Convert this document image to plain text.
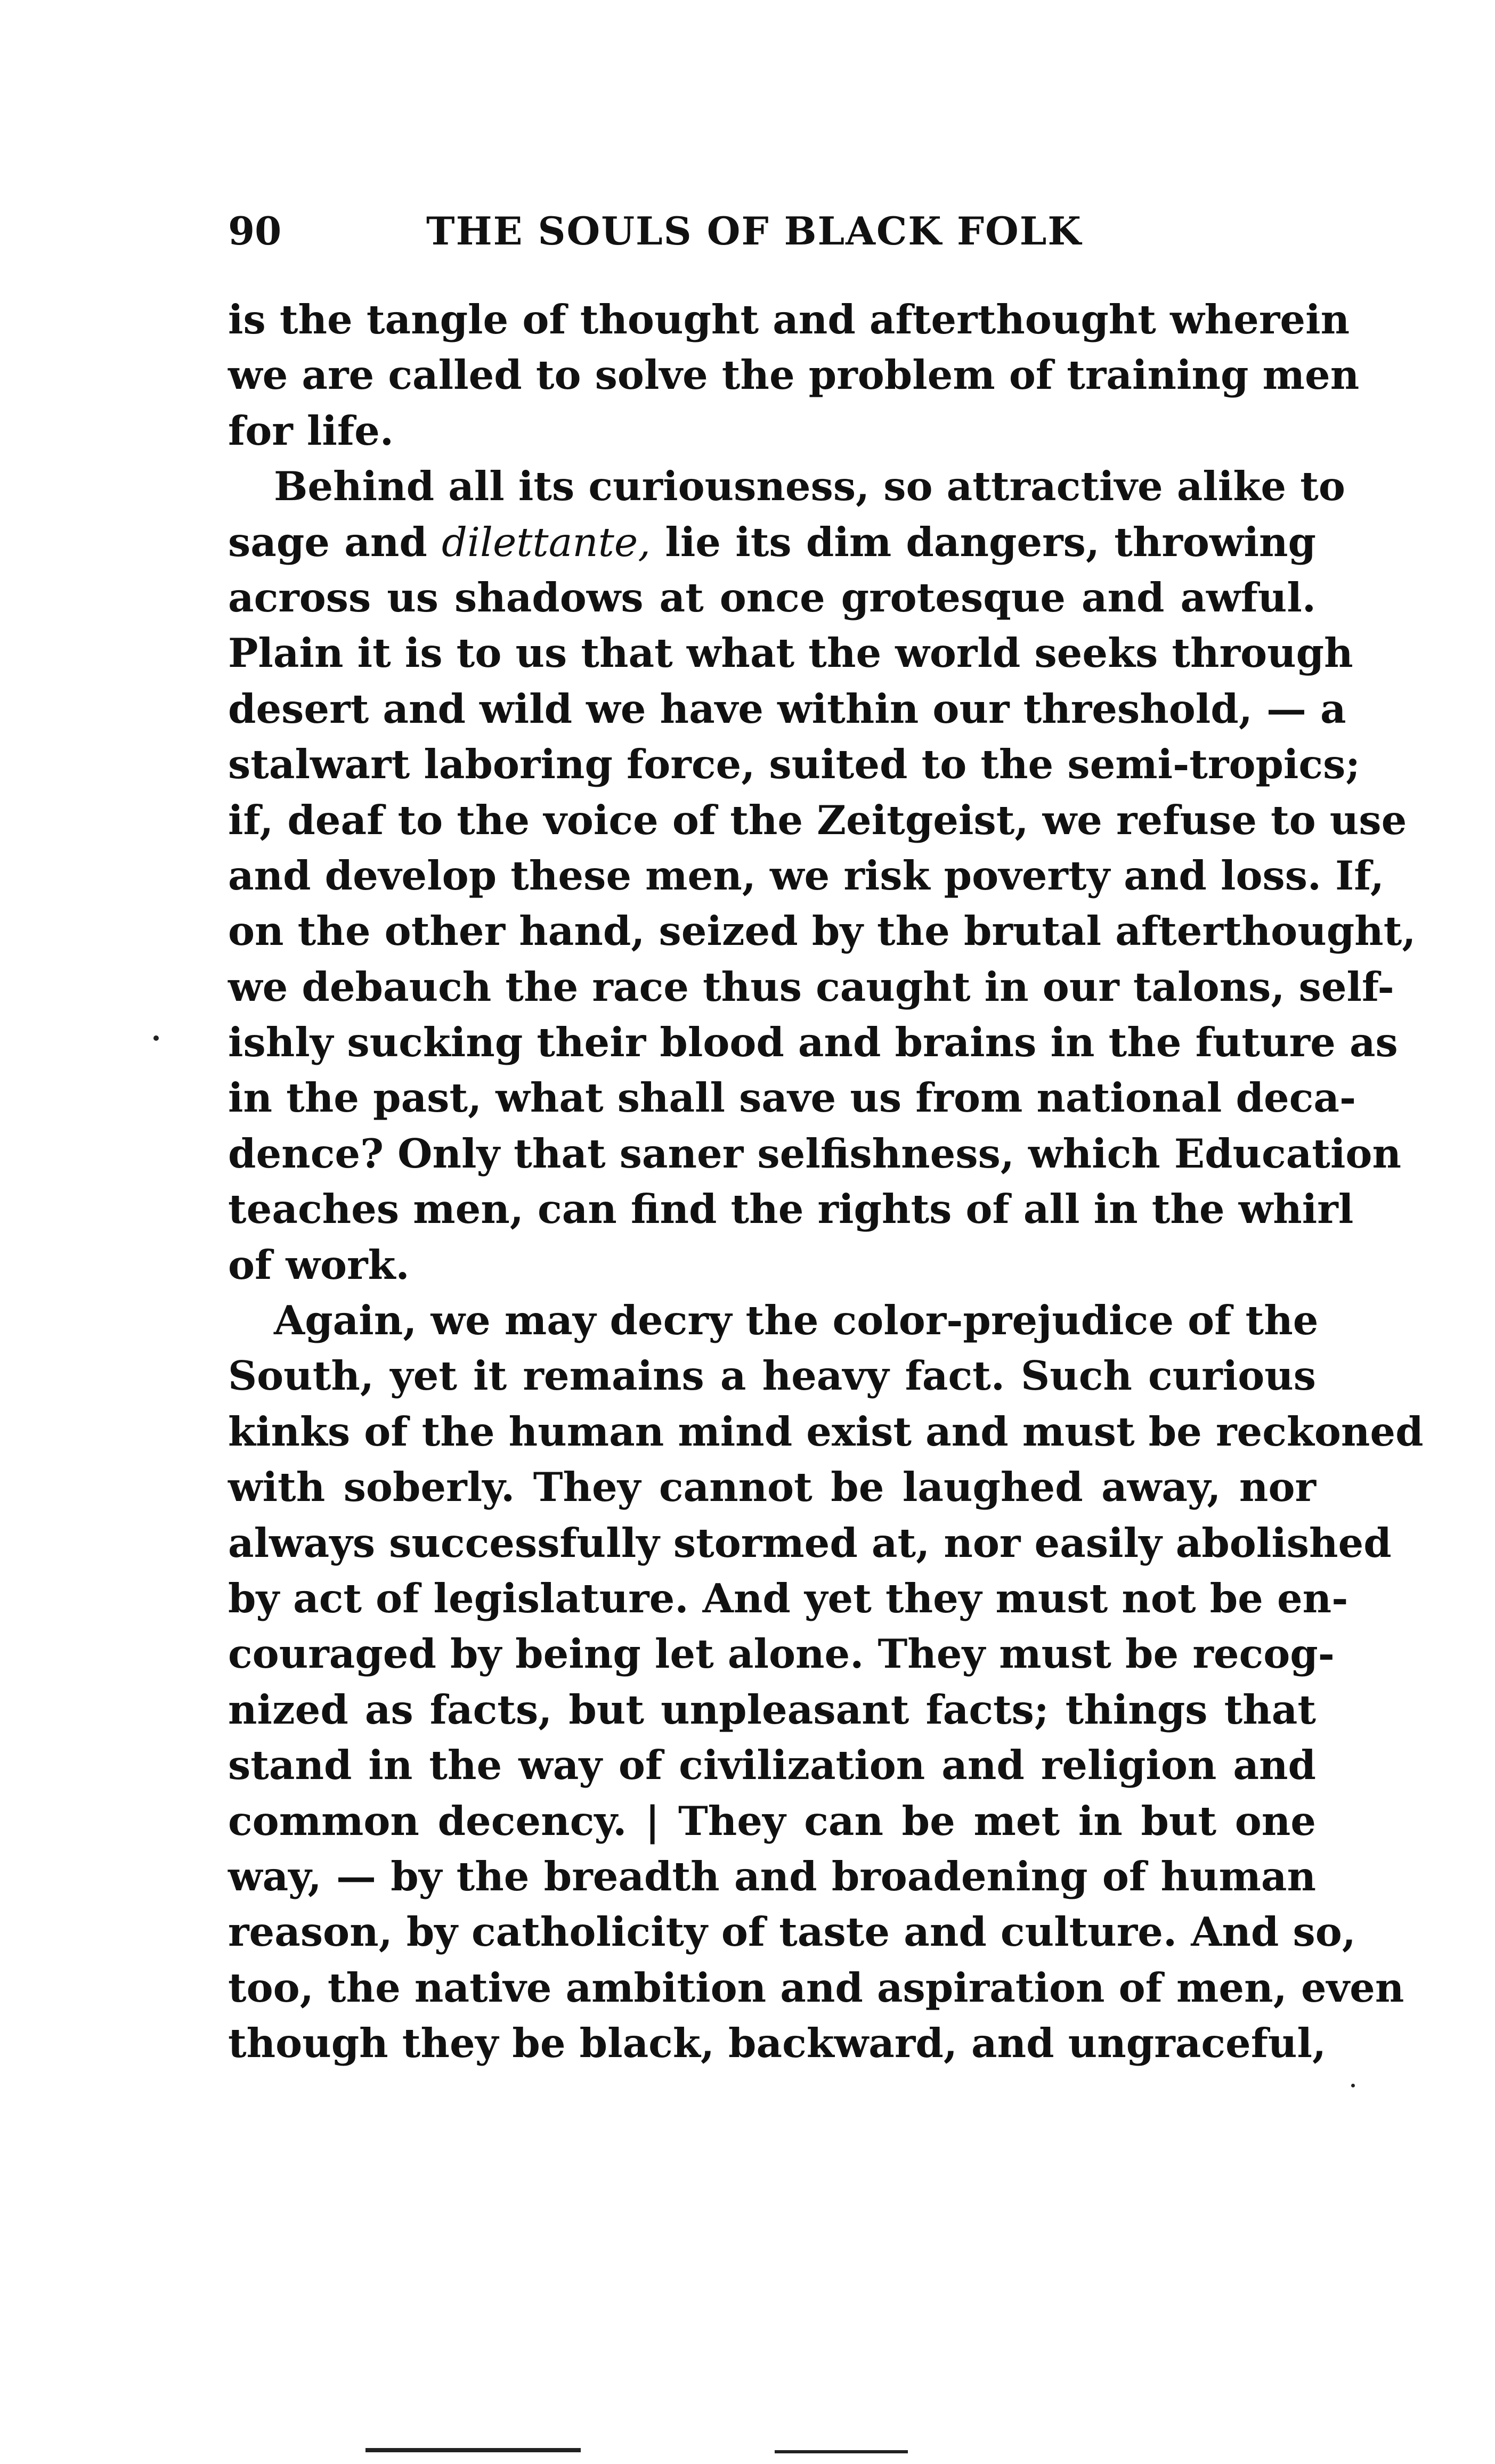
90	THE SOULS OF BLACK FOLK
is the tangle of thought and afterthought wherein
we are called to solve the problem of training men
for life.
Behind all its curiousness, so attractive alike to
sage and dilettante, lie its dim dangers, throwing
across us shadows at once grotesque and awful.
Plain it is to us that what the world seeks through
desert and wild we have within our threshold, — a
stalwart laboring force, suited to the semi-tropics;
if, deaf to the voice of the Zeitgeist, we refuse to use
and develop these men, we risk poverty and loss. If,
on the other hand, seized by the brutal afterthought,
we debauch the race thus caught in our talons, self-
ishly sucking their blood and brains in the future as
in the past, what shall save us from national deca-
dence? Only that saner selfishness, which Education
teaches men, can find the rights of all in the whirl
of work.
Again, we may decry the color-prejudice of the
South, yet it remains a heavy fact. Such curious
kinks of the human mind exist and must be reckoned
with soberly. They cannot be laughed away, nor
always successfully stormed at, nor easily abolished
by act of legislature. And yet they must not be en-
couraged by being let alone. They must be recog-
nized as facts, but unpleasant facts; things that
stand in the way of civilization and religion and
common decency. | They can be met in but one
way, — by the breadth and broadening of human
reason, by catholicity of taste and culture. And so,
too, the native ambition and aspiration of men, even
though they be black, backward, and ungraceful,
